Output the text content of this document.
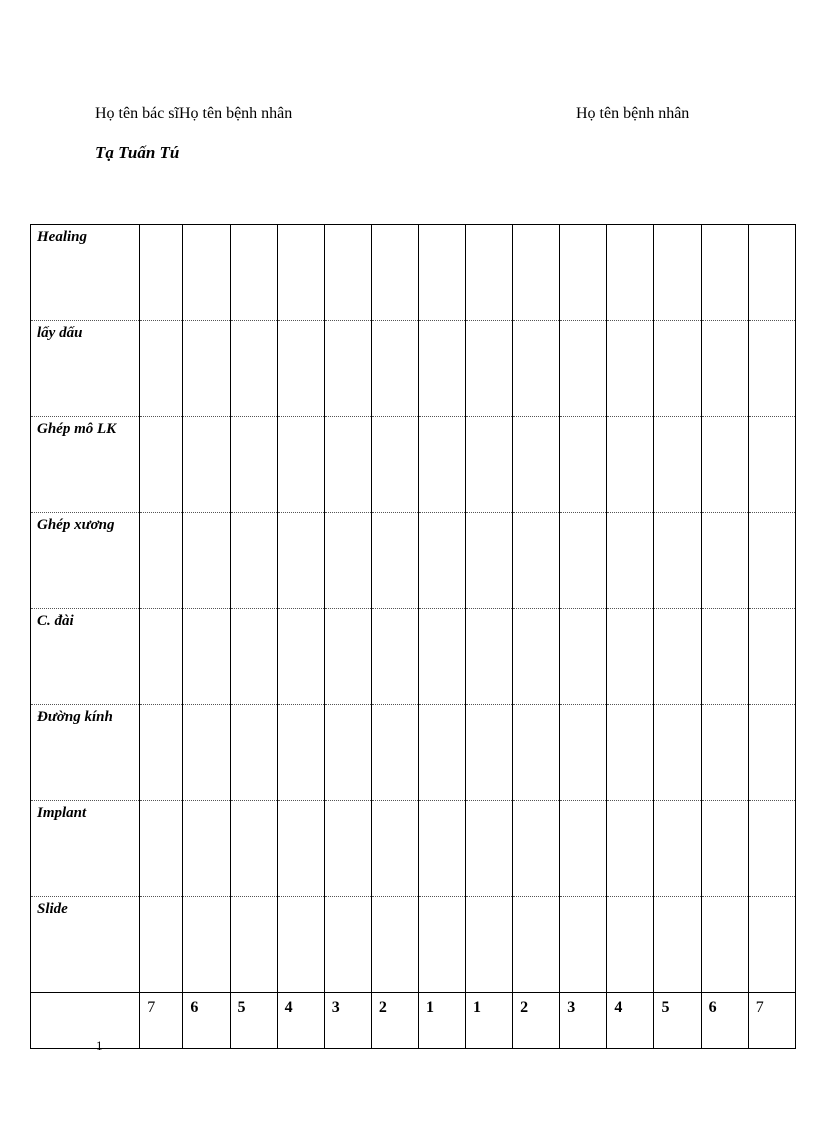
Họ tên bác sĩHọ tên bệnh nhân	Họ tên bệnh nhân
Tạ Tuấn Tú
Healing														
lấy dấu														
Ghép mô LK														
Ghép xương														
C. đài														
Đường kính														
Implant														
Slide														
	7	6	5	4	3	2	1	1	2	3	4	5	6	7
1
